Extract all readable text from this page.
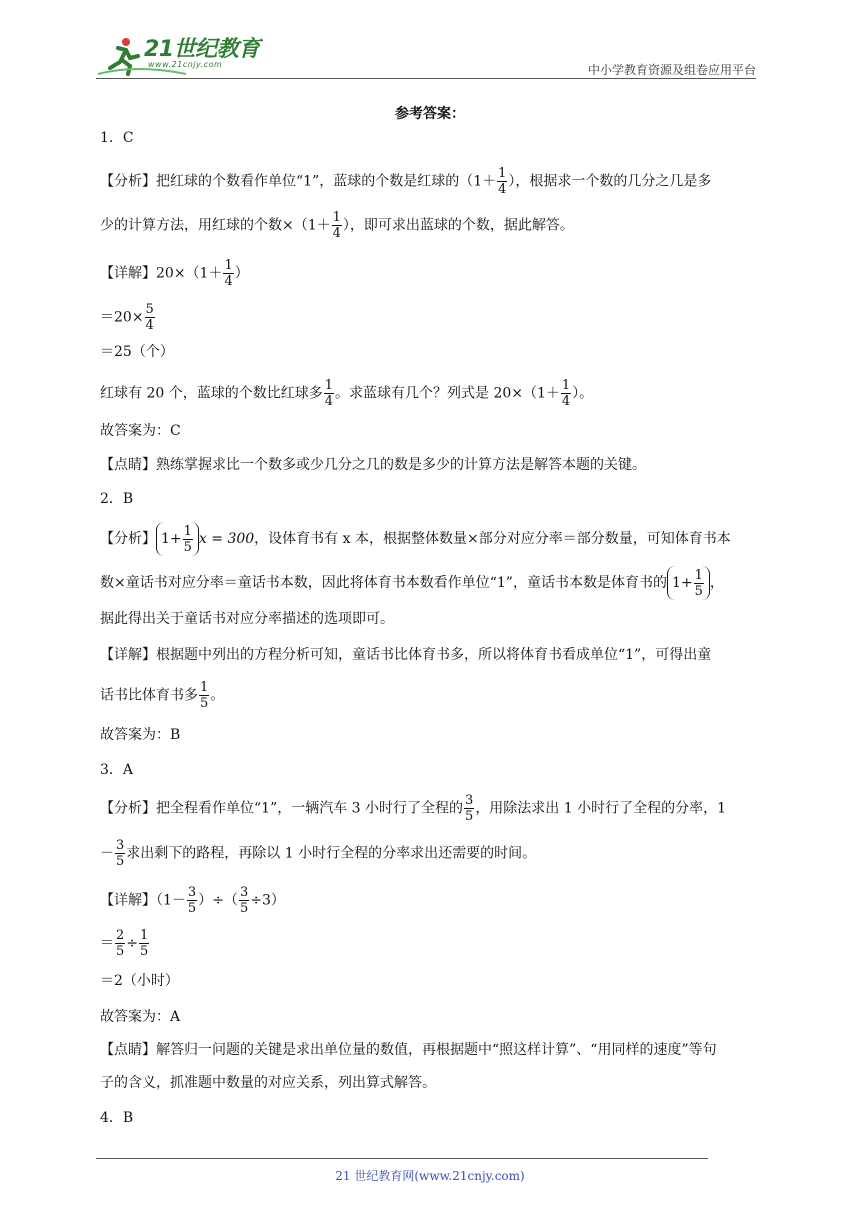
21世纪教育
www.21cnjy.com	中小学教育资源及组卷应用平台
参考答案：
1．C
【分析】把红球的个数看作单位“1”，蓝球的个数是红球的（$1+ \frac{1}{4}$ ），根据求一个数的几分之几是多
少的计算方法，用红球的个数$\times(1+ \frac{1}{4}$ ），即可求出蓝球的个数，据此解答。
【详解】$20\times(1+ \frac{1}{4}$ ）
$=20\times \frac{5}{4}$
＝25（个）
红球有 20 个，蓝球的个数比红球多 $\frac{1}{4}$ 。求蓝球有几个？列式是 $20\times(1+ \frac{1}{4}$ ）。
故答案为：C
【点睛】熟练掌握求比一个数多或少几分之几的数是多少的计算方法是解答本题的关键。
2．B
【分析】 $1+ \frac{1}{5}$ x = 300，设体育书有 x 本，根据整体数量×部分对应分率＝部分数量，可知体育书本
数×童话书对应分率＝童话书本数，因此将体育书本数看作单位“1”，童话书本数是体育书的 $1+ \frac{1}{5}$ ，
据此得出关于童话书对应分率描述的选项即可。
【详解】根据题中列出的方程分析可知，童话书比体育书多，所以将体育书看成单位“1”，可得出童
话书比体育书多 $\frac{1}{5}$ 。
故答案为：B
3．A
【分析】把全程看作单位“1”，一辆汽车 3 小时行了全程的 $\frac{3}{5}$ ，用除法求出 1 小时行了全程的分率，1
－ $\frac{3}{5}$ 求出剩下的路程，再除以 1 小时行全程的分率求出还需要的时间。
【详解】（$1- \frac{3}{5}$ ）÷（ $\frac{3}{5} \div 3$）
＝ $\frac{2}{5} \div \frac{1}{5}$
＝2（小时）
故答案为：A
【点睛】解答归一问题的关键是求出单位量的数值，再根据题中“照这样计算”、“用同样的速度”等句
子的含义，抓准题中数量的对应关系，列出算式解答。
4．B
21 世纪教育网(www.21cnjy.com)
